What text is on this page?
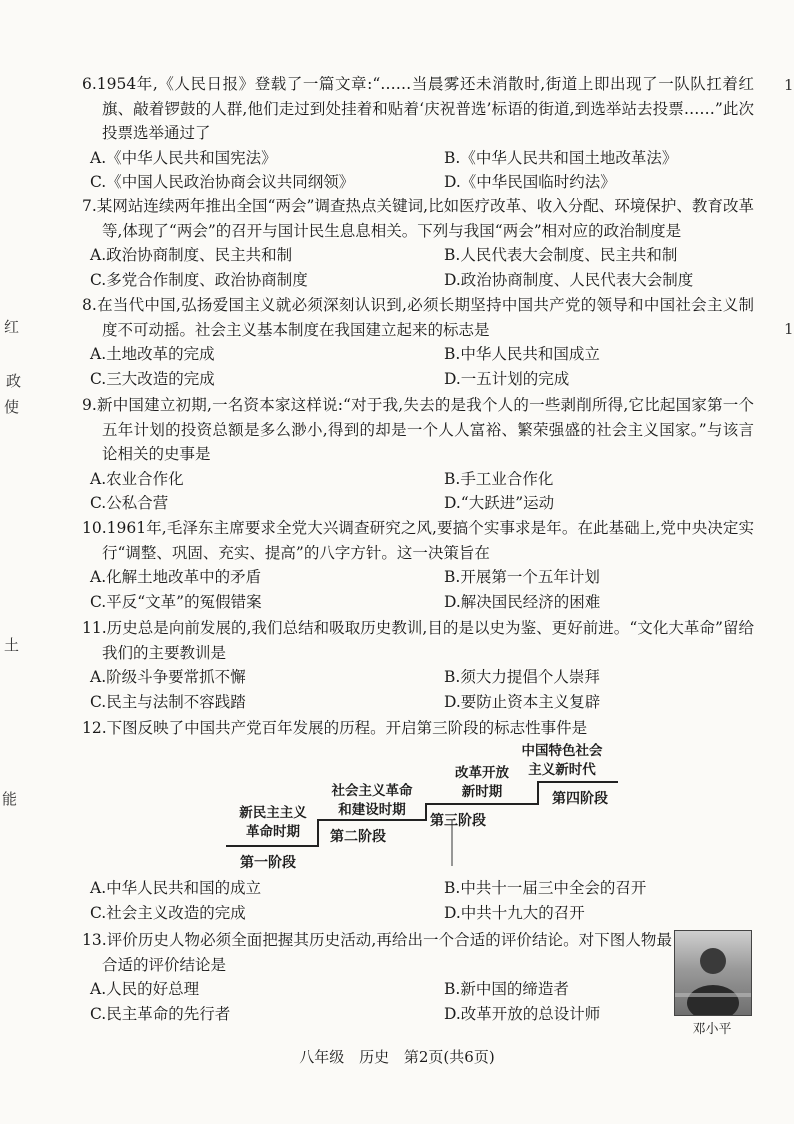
红
政
使
土
能
1
1
6.1954年,《人民日报》登载了一篇文章:“……当晨雾还未消散时,街道上即出现了一队队扛着红旗、敲着锣鼓的人群,他们走过到处挂着和贴着‘庆祝普选’标语的街道,到选举站去投票……”此次投票选举通过了
A.《中华人民共和国宪法》	B.《中华人民共和国土地改革法》
C.《中国人民政治协商会议共同纲领》	D.《中华民国临时约法》
7.某网站连续两年推出全国“两会”调查热点关键词,比如医疗改革、收入分配、环境保护、教育改革等,体现了“两会”的召开与国计民生息息相关。下列与我国“两会”相对应的政治制度是
A.政治协商制度、民主共和制	B.人民代表大会制度、民主共和制
C.多党合作制度、政治协商制度	D.政治协商制度、人民代表大会制度
8.在当代中国,弘扬爱国主义就必须深刻认识到,必须长期坚持中国共产党的领导和中国社会主义制度不可动摇。社会主义基本制度在我国建立起来的标志是
A.土地改革的完成	B.中华人民共和国成立
C.三大改造的完成	D.一五计划的完成
9.新中国建立初期,一名资本家这样说:“对于我,失去的是我个人的一些剥削所得,它比起国家第一个五年计划的投资总额是多么渺小,得到的却是一个人人富裕、繁荣强盛的社会主义国家。”与该言论相关的史事是
A.农业合作化	B.手工业合作化
C.公私合营	D.“大跃进”运动
10.1961年,毛泽东主席要求全党大兴调查研究之风,要搞个实事求是年。在此基础上,党中央决定实行“调整、巩固、充实、提高”的八字方针。这一决策旨在
A.化解土地改革中的矛盾	B.开展第一个五年计划
C.平反“文革”的冤假错案	D.解决国民经济的困难
11.历史总是向前发展的,我们总结和吸取历史教训,目的是以史为鉴、更好前进。“文化大革命”留给我们的主要教训是
A.阶级斗争要常抓不懈	B.须大力提倡个人崇拜
C.民主与法制不容践踏	D.要防止资本主义复辟
12.下图反映了中国共产党百年发展的历程。开启第三阶段的标志性事件是
新民主主义
革命时期
社会主义革命
和建设时期
改革开放
新时期
中国特色社会
主义新时代
第一阶段
第二阶段
第三阶段
第四阶段
A.中华人民共和国的成立	B.中共十一届三中全会的召开
C.社会主义改造的完成	D.中共十九大的召开
13.评价历史人物必须全面把握其历史活动,再给出一个合适的评价结论。对下图人物最合适的评价结论是
A.人民的好总理	B.新中国的缔造者
C.民主革命的先行者	D.改革开放的总设计师
邓小平
八年级 历史 第2页(共6页)
